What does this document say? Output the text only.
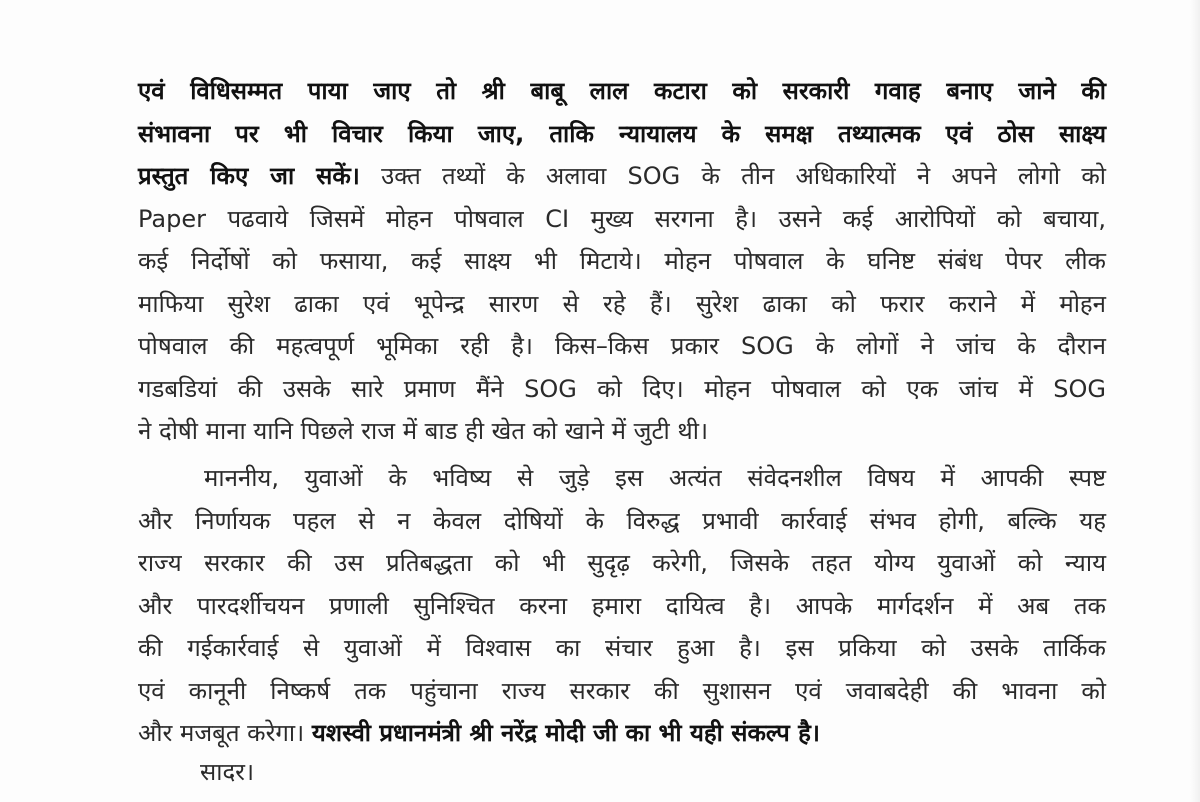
एवं विधिसम्मत पाया जाए तो श्री बाबू लाल कटारा को सरकारी गवाह बनाए जाने की
संभावना पर भी विचार किया जाए, ताकि न्यायालय के समक्ष तथ्यात्मक एवं ठोस साक्ष्य
प्रस्तुत किए जा सकें। उक्त तथ्यों के अलावा SOG के तीन अधिकारियों ने अपने लोगो को
Paper पढवाये जिसमें मोहन पोषवाल CI मुख्य सरगना है। उसने कई आरोपियों को बचाया,
कई निर्दोषों को फसाया, कई साक्ष्य भी मिटाये। मोहन पोषवाल के घनिष्ट संबंध पेपर लीक
माफिया सुरेश ढाका एवं भूपेन्द्र सारण से रहे हैं। सुरेश ढाका को फरार कराने में मोहन
पोषवाल की महत्वपूर्ण भूमिका रही है। किस–किस प्रकार SOG के लोगों ने जांच के दौरान
गडबडियां की उसके सारे प्रमाण मैंने SOG को दिए। मोहन पोषवाल को एक जांच में SOG
ने दोषी माना यानि पिछले राज में बाड ही खेत को खाने में जुटी थी।
माननीय, युवाओं के भविष्य से जुड़े इस अत्यंत संवेदनशील विषय में आपकी स्पष्ट
और निर्णायक पहल से न केवल दोषियों के विरुद्ध प्रभावी कार्रवाई संभव होगी, बल्कि यह
राज्य सरकार की उस प्रतिबद्धता को भी सुदृढ़ करेगी, जिसके तहत योग्य युवाओं को न्याय
और पारदर्शीचयन प्रणाली सुनिश्चित करना हमारा दायित्व है। आपके मार्गदर्शन में अब तक
की गईकार्रवाई से युवाओं में विश्वास का संचार हुआ है। इस प्रकिया को उसके तार्किक
एवं कानूनी निष्कर्ष तक पहुंचाना राज्य सरकार की सुशासन एवं जवाबदेही की भावना को
और मजबूत करेगा। यशस्वी प्रधानमंत्री श्री नरेंद्र मोदी जी का भी यही संकल्प है।

सादर।
